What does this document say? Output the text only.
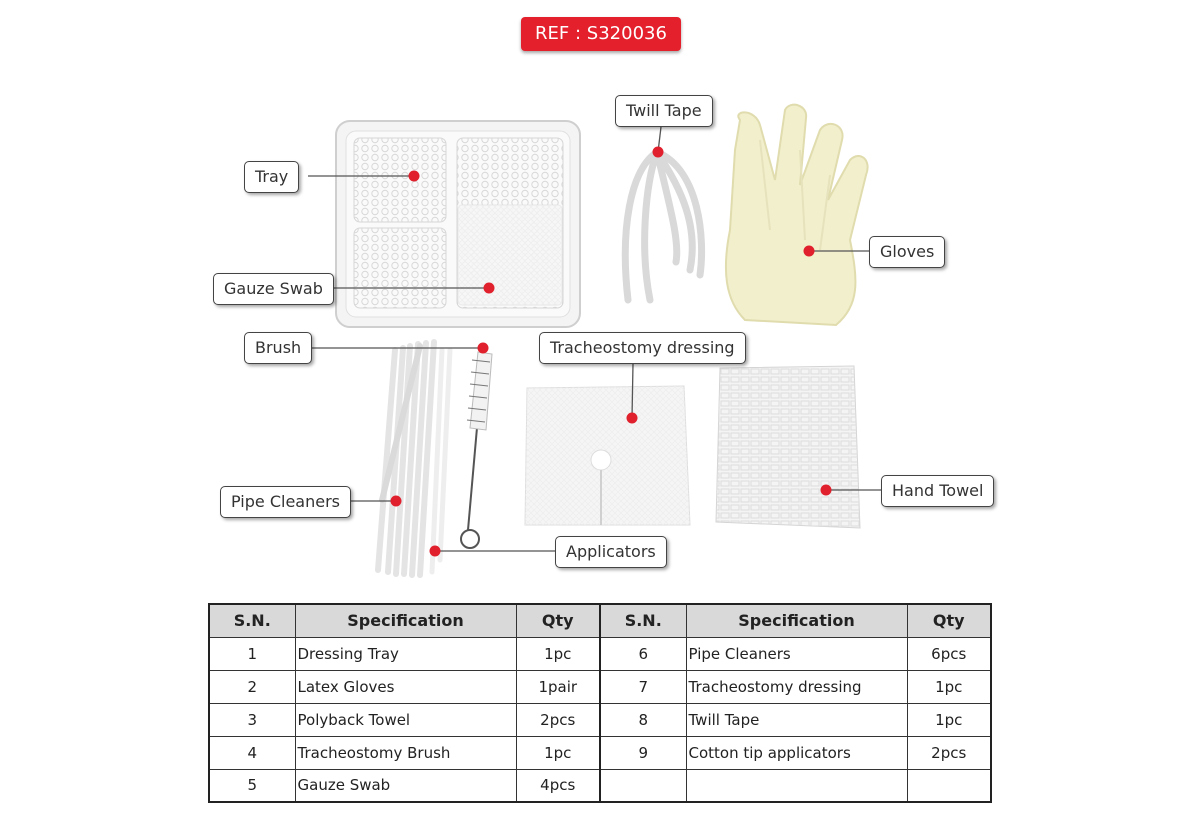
REF : S320036
Tray
Gauze Swab
Twill Tape
Gloves
Brush	Tracheostomy dressing
Pipe Cleaners
Hand Towel
Applicators
S.N.	Specification	Qty	S.N.	Specification	Qty
1	Dressing Tray	1pc	6	Pipe Cleaners	6pcs
2	Latex Gloves	1pair	7	Tracheostomy dressing	1pc
3	Polyback Towel	2pcs	8	Twill Tape	1pc
4	Tracheostomy Brush	1pc	9	Cotton tip applicators	2pcs
5	Gauze Swab	4pcs			
